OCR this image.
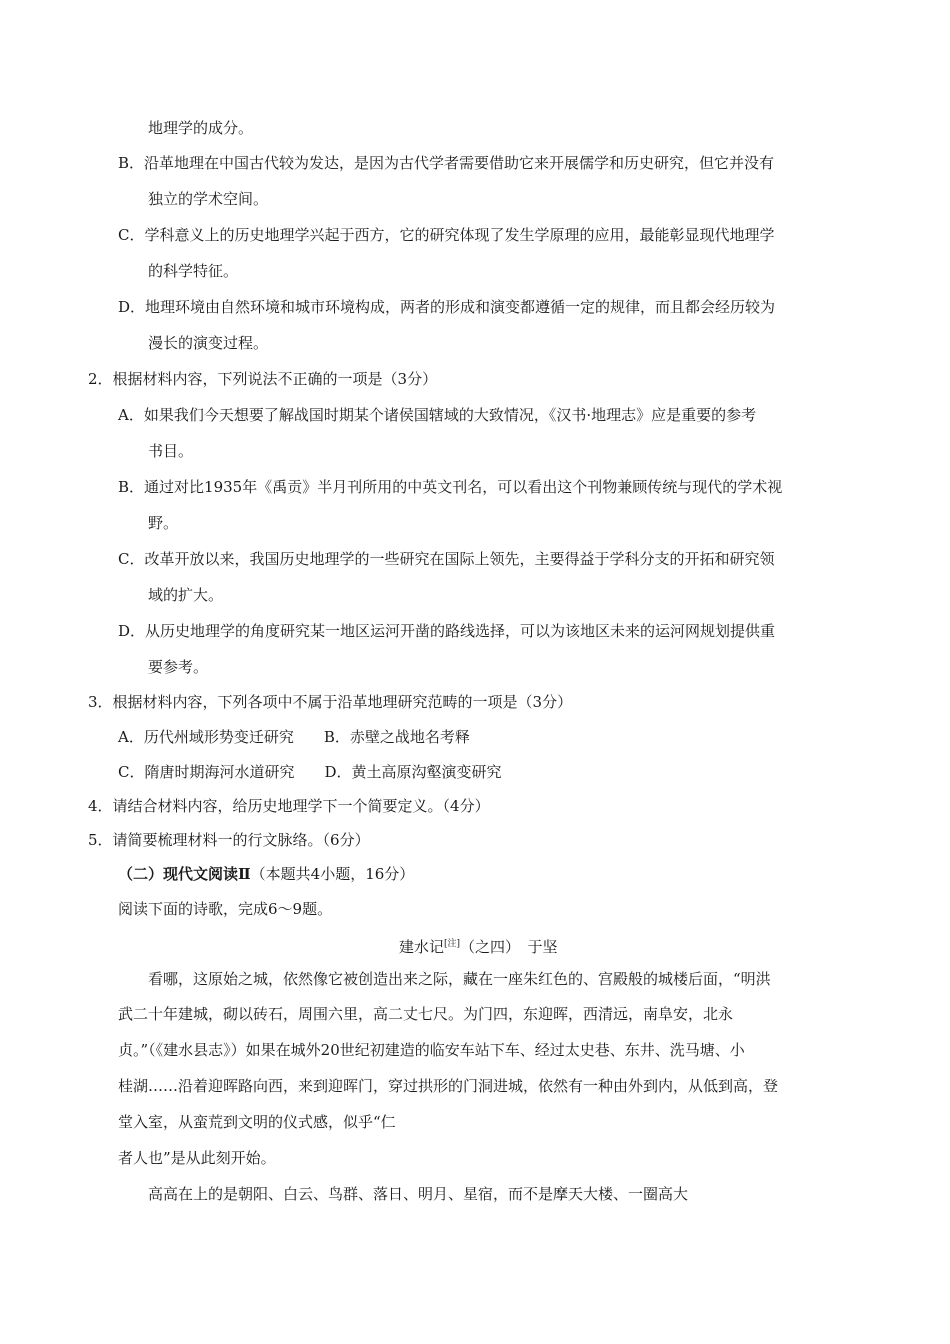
地理学的成分。
B．沿革地理在中国古代较为发达，是因为古代学者需要借助它来开展儒学和历史研究，但它并没有
独立的学术空间。
C．学科意义上的历史地理学兴起于西方，它的研究体现了发生学原理的应用，最能彰显现代地理学
的科学特征。
D．地理环境由自然环境和城市环境构成，两者的形成和演变都遵循一定的规律，而且都会经历较为
漫长的演变过程。
2．根据材料内容，下列说法不正确的一项是（3分）
A．如果我们今天想要了解战国时期某个诸侯国辖域的大致情况，《汉书·地理志》应是重要的参考
书目。
B．通过对比1935年《禹贡》半月刊所用的中英文刊名，可以看出这个刊物兼顾传统与现代的学术视
野。
C．改革开放以来，我国历史地理学的一些研究在国际上领先，主要得益于学科分支的开拓和研究领
域的扩大。
D．从历史地理学的角度研究某一地区运河开凿的路线选择，可以为该地区未来的运河网规划提供重
要参考。
3．根据材料内容，下列各项中不属于沿革地理研究范畴的一项是（3分）
A．历代州域形势变迁研究 B．赤壁之战地名考释
C．隋唐时期海河水道研究 D．黄土高原沟壑演变研究
4．请结合材料内容，给历史地理学下一个简要定义。（4分）
5．请简要梳理材料一的行文脉络。（6分）
（二）现代文阅读Ⅱ（本题共4小题，16分）
阅读下面的诗歌，完成6～9题。
建水记[注]（之四）　于坚
看哪，这原始之城，依然像它被创造出来之际，藏在一座朱红色的、宫殿般的城楼后面，“明洪
武二十年建城，砌以砖石，周围六里，高二丈七尺。为门四，东迎晖，西清远，南阜安，北永
贞。”（《建水县志》）如果在城外20世纪初建造的临安车站下车、经过太史巷、东井、洗马塘、小
桂湖……沿着迎晖路向西，来到迎晖门，穿过拱形的门洞进城，依然有一种由外到内，从低到高，登
堂入室，从蛮荒到文明的仪式感，似乎“仁
者人也”是从此刻开始。
高高在上的是朝阳、白云、鸟群、落日、明月、星宿，而不是摩天大楼、一圈高大
